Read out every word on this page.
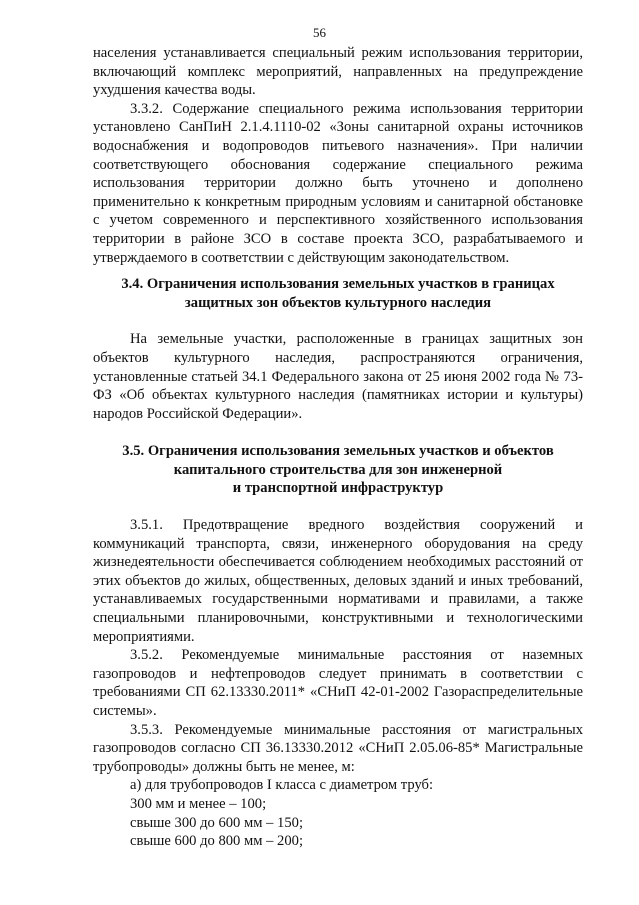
56

населения устанавливается специальный режим использования территории, включающий комплекс мероприятий, направленных на предупреждение ухудшения качества воды.

3.3.2. Содержание специального режима использования территории установлено СанПиН 2.1.4.1110-02 «Зоны санитарной охраны источников водоснабжения и водопроводов питьевого назначения». При наличии соответствующего обоснования содержание специального режима использования территории должно быть уточнено и дополнено применительно к конкретным природным условиям и санитарной обстановке с учетом современного и перспективного хозяйственного использования территории в районе ЗСО в составе проекта ЗСО, разрабатываемого и утверждаемого в соответствии с действующим законодательством.

3.4. Ограничения использования земельных участков в границах
защитных зон объектов культурного наследия

На земельные участки, расположенные в границах защитных зон объектов культурного наследия, распространяются ограничения, установленные статьей 34.1 Федерального закона от 25 июня 2002 года № 73-ФЗ «Об объектах культурного наследия (памятниках истории и культуры) народов Российской Федерации».

3.5. Ограничения использования земельных участков и объектов
капитального строительства для зон инженерной
и транспортной инфраструктур

3.5.1. Предотвращение вредного воздействия сооружений и коммуникаций транспорта, связи, инженерного оборудования на среду жизнедеятельности обеспечивается соблюдением необходимых расстояний от этих объектов до жилых, общественных, деловых зданий и иных требований, устанавливаемых государственными нормативами и правилами, а также специальными планировочными, конструктивными и технологическими мероприятиями.

3.5.2. Рекомендуемые минимальные расстояния от наземных газопроводов и нефтепроводов следует принимать в соответствии с требованиями СП 62.13330.2011* «СНиП 42-01-2002 Газораспределительные системы».

3.5.3. Рекомендуемые минимальные расстояния от магистральных газопроводов согласно СП 36.13330.2012 «СНиП 2.05.06-85* Магистральные трубопроводы» должны быть не менее, м:

а) для трубопроводов I класса с диаметром труб:

300 мм и менее – 100;

свыше 300 до 600 мм – 150;

свыше 600 до 800 мм – 200;
